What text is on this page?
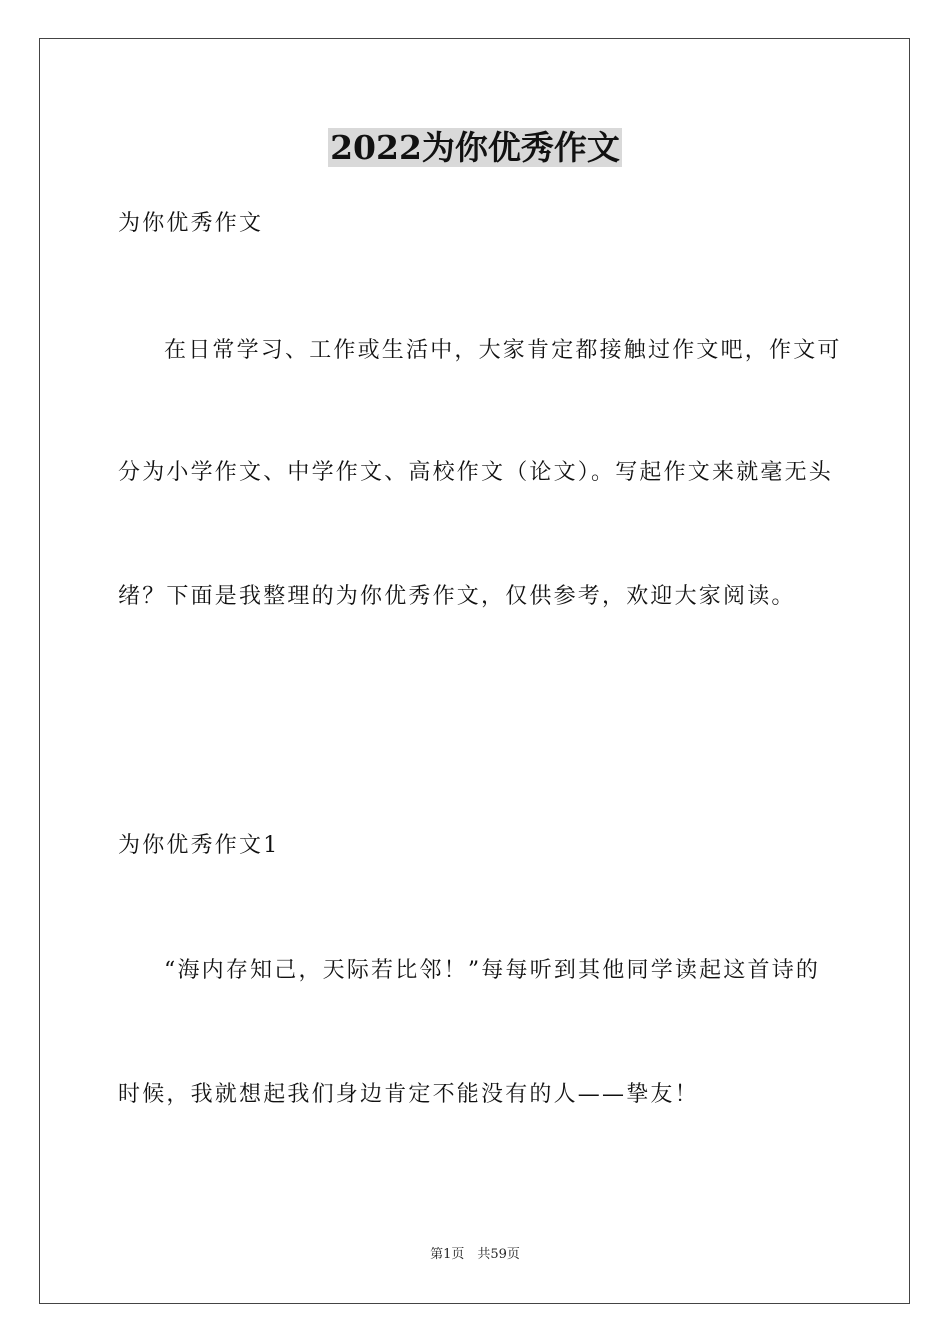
2022为你优秀作文
为你优秀作文
在日常学习、工作或生活中，大家肯定都接触过作文吧，作文可
分为小学作文、中学作文、高校作文（论文）。写起作文来就毫无头
绪？下面是我整理的为你优秀作文，仅供参考，欢迎大家阅读。
为你优秀作文1
“海内存知己，天际若比邻！”每每听到其他同学读起这首诗的
时候，我就想起我们身边肯定不能没有的人——挚友！
第1页　共59页
